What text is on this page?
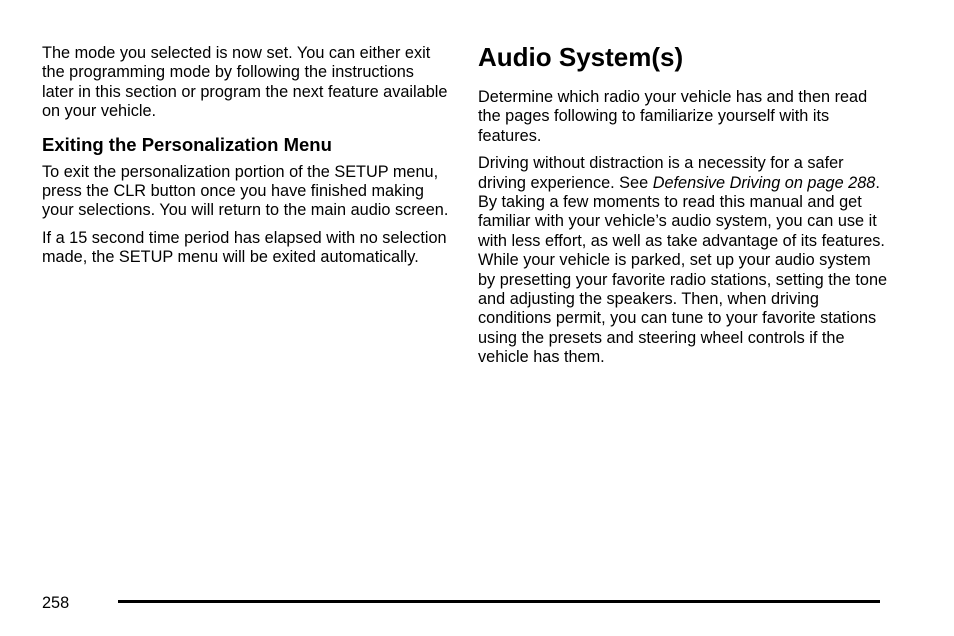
The mode you selected is now set. You can either exit the programming mode by following the instructions later in this section or program the next feature available on your vehicle.

Exiting the Personalization Menu

To exit the personalization portion of the SETUP menu, press the CLR button once you have finished making your selections. You will return to the main audio screen.

If a 15 second time period has elapsed with no selection made, the SETUP menu will be exited automatically.

Audio System(s)

Determine which radio your vehicle has and then read the pages following to familiarize yourself with its features.

Driving without distraction is a necessity for a safer driving experience. See Defensive Driving on page 288. By taking a few moments to read this manual and get familiar with your vehicle’s audio system, you can use it with less effort, as well as take advantage of its features. While your vehicle is parked, set up your audio system by presetting your favorite radio stations, setting the tone and adjusting the speakers. Then, when driving conditions permit, you can tune to your favorite stations using the presets and steering wheel controls if the vehicle has them.

258
